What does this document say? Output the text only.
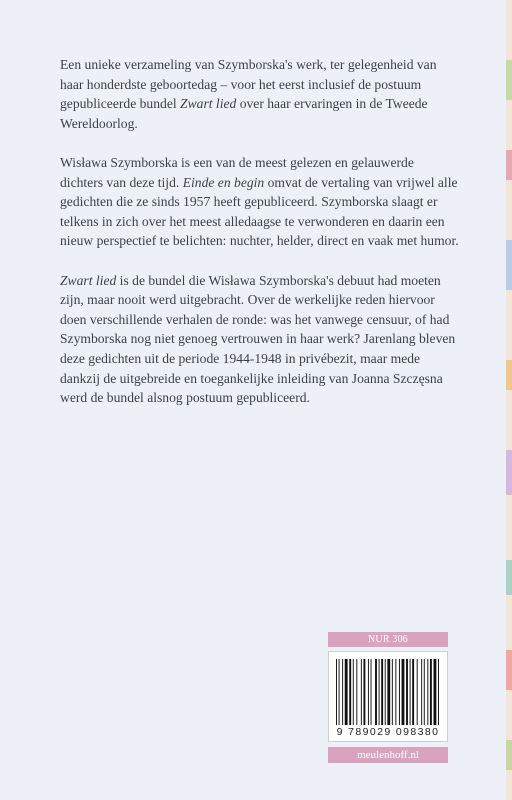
Een unieke verzameling van Szymborska's werk, ter gelegenheid van haar honderdste geboortedag – voor het eerst inclusief de postuum gepubliceerde bundel Zwart lied over haar ervaringen in de Tweede Wereldoorlog.

Wisława Szymborska is een van de meest gelezen en gelauwerde dichters van deze tijd. Einde en begin omvat de vertaling van vrijwel alle gedichten die ze sinds 1957 heeft gepubliceerd. Szymborska slaagt er telkens in zich over het meest alledaagse te verwonderen en daarin een nieuw perspectief te belichten: nuchter, helder, direct en vaak met humor.

Zwart lied is de bundel die Wisława Szymborska's debuut had moeten zijn, maar nooit werd uitgebracht. Over de werkelijke reden hiervoor doen verschillende verhalen de ronde: was het vanwege censuur, of had Szymborska nog niet genoeg vertrouwen in haar werk? Jarenlang bleven deze gedichten uit de periode 1944-1948 in privébezit, maar mede dankzij de uitgebreide en toegankelijke inleiding van Joanna Szczęsna werd de bundel alsnog postuum gepubliceerd.

NUR 306
9 789029 098380
meulenhoff.nl
